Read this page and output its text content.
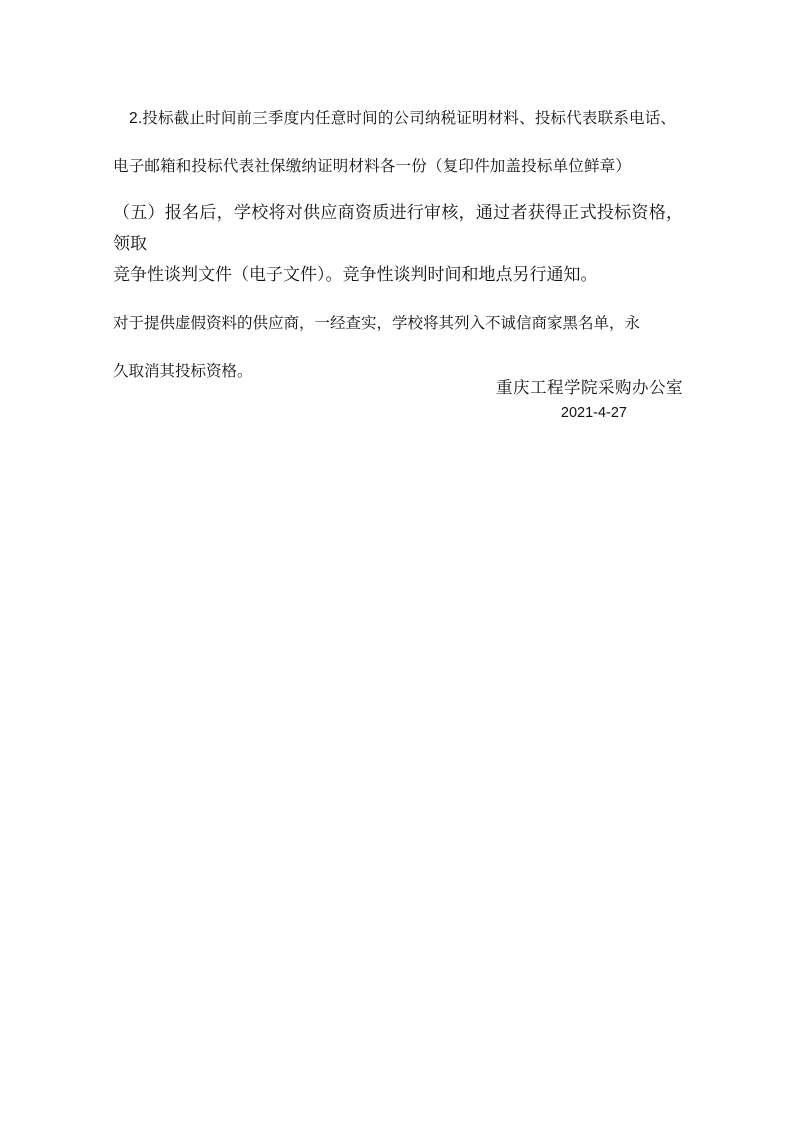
2.投标截止时间前三季度内任意时间的公司纳税证明材料、投标代表联系电话、
电子邮箱和投标代表社保缴纳证明材料各一份（复印件加盖投标单位鲜章）
（五）报名后，学校将对供应商资质进行审核，通过者获得正式投标资格，领取
竞争性谈判文件（电子文件）。竞争性谈判时间和地点另行通知。
对于提供虚假资料的供应商，一经查实，学校将其列入不诚信商家黑名单，永
久取消其投标资格。
重庆工程学院采购办公室
2021-4-27
